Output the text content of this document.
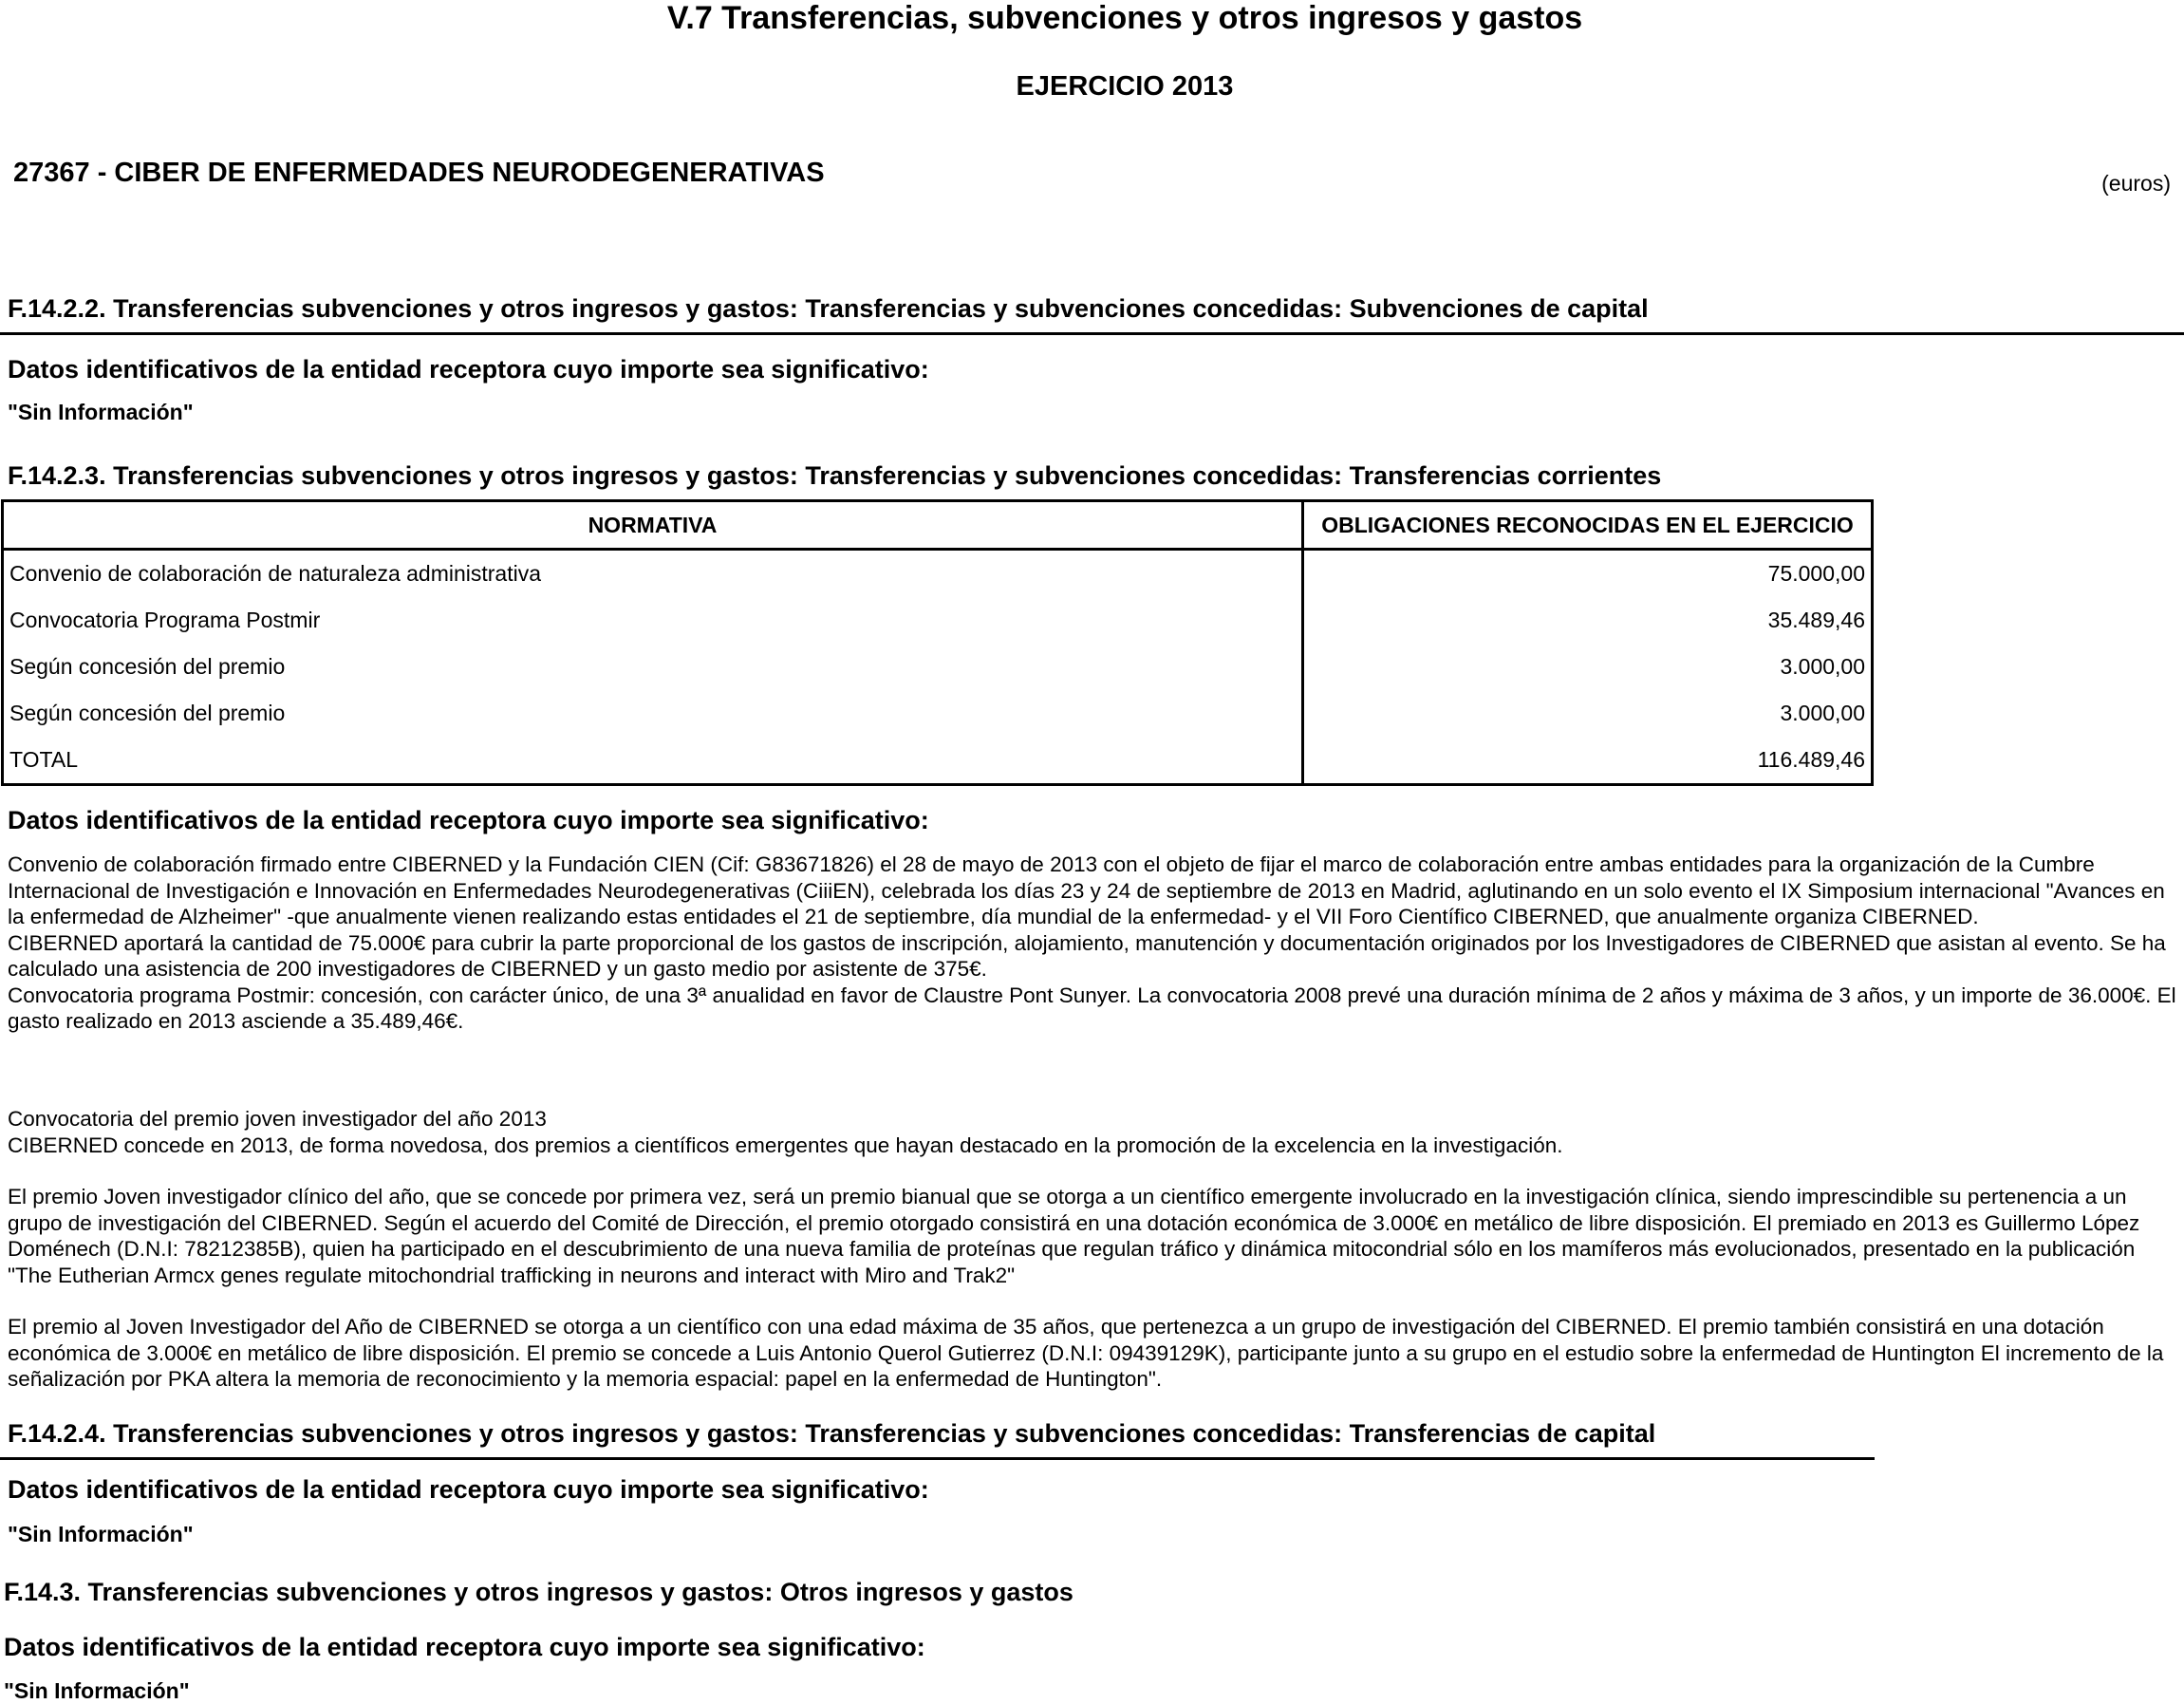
V.7 Transferencias, subvenciones y otros ingresos y gastos
EJERCICIO 2013
27367 - CIBER DE ENFERMEDADES NEURODEGENERATIVAS	(euros)
F.14.2.2. Transferencias subvenciones y otros ingresos y gastos: Transferencias y subvenciones concedidas: Subvenciones de capital
Datos identificativos de la entidad receptora cuyo importe sea significativo:
"Sin Información"
F.14.2.3. Transferencias subvenciones y otros ingresos y gastos: Transferencias y subvenciones concedidas: Transferencias corrientes
NORMATIVA	OBLIGACIONES RECONOCIDAS EN EL EJERCICIO
Convenio de colaboración de naturaleza administrativa	75.000,00
Convocatoria Programa Postmir	35.489,46
Según concesión del premio	3.000,00
Según concesión del premio	3.000,00
TOTAL	116.489,46
Datos identificativos de la entidad receptora cuyo importe sea significativo:

Convenio de colaboración firmado entre CIBERNED y la Fundación CIEN (Cif: G83671826) el 28 de mayo de 2013 con el objeto de fijar el marco de colaboración entre ambas entidades para la organización de la Cumbre Internacional de Investigación e Innovación en Enfermedades Neurodegenerativas (CiiiEN), celebrada los días 23 y 24 de septiembre de 2013 en Madrid, aglutinando en un solo evento el IX Simposium internacional "Avances en la enfermedad de Alzheimer" -que anualmente vienen realizando estas entidades el 21 de septiembre, día mundial de la enfermedad- y el VII Foro Científico CIBERNED, que anualmente organiza CIBERNED.

CIBERNED aportará la cantidad de 75.000€ para cubrir la parte proporcional de los gastos de inscripción, alojamiento, manutención y documentación originados por los Investigadores de CIBERNED que asistan al evento. Se ha calculado una asistencia de 200 investigadores de CIBERNED y un gasto medio por asistente de 375€.

Convocatoria programa Postmir: concesión, con carácter único, de una 3ª anualidad en favor de Claustre Pont Sunyer. La convocatoria 2008 prevé una duración mínima de 2 años y máxima de 3 años, y un importe de 36.000€. El gasto realizado en 2013 asciende a 35.489,46€.

Convocatoria del premio joven investigador del año 2013

CIBERNED concede en 2013, de forma novedosa, dos premios a científicos emergentes que hayan destacado en la promoción de la excelencia en la investigación.

El premio Joven investigador clínico del año, que se concede por primera vez, será un premio bianual que se otorga a un científico emergente involucrado en la investigación clínica, siendo imprescindible su pertenencia a un grupo de investigación del CIBERNED. Según el acuerdo del Comité de Dirección, el premio otorgado consistirá en una dotación económica de 3.000€ en metálico de libre disposición. El premiado en 2013 es Guillermo López Doménech (D.N.I: 78212385B), quien ha participado en el descubrimiento de una nueva familia de proteínas que regulan tráfico y dinámica mitocondrial sólo en los mamíferos más evolucionados, presentado en la publicación "The Eutherian Armcx genes regulate mitochondrial trafficking in neurons and interact with Miro and Trak2"

El premio al Joven Investigador del Año de CIBERNED se otorga a un científico con una edad máxima de 35 años, que pertenezca a un grupo de investigación del CIBERNED. El premio también consistirá en una dotación económica de 3.000€ en metálico de libre disposición. El premio se concede a Luis Antonio Querol Gutierrez (D.N.I: 09439129K), participante junto a su grupo en el estudio sobre la enfermedad de Huntington El incremento de la señalización por PKA altera la memoria de reconocimiento y la memoria espacial: papel en la enfermedad de Huntington".

F.14.2.4. Transferencias subvenciones y otros ingresos y gastos: Transferencias y subvenciones concedidas: Transferencias de capital
Datos identificativos de la entidad receptora cuyo importe sea significativo:
"Sin Información"
F.14.3. Transferencias subvenciones y otros ingresos y gastos: Otros ingresos y gastos
Datos identificativos de la entidad receptora cuyo importe sea significativo:
"Sin Información"
